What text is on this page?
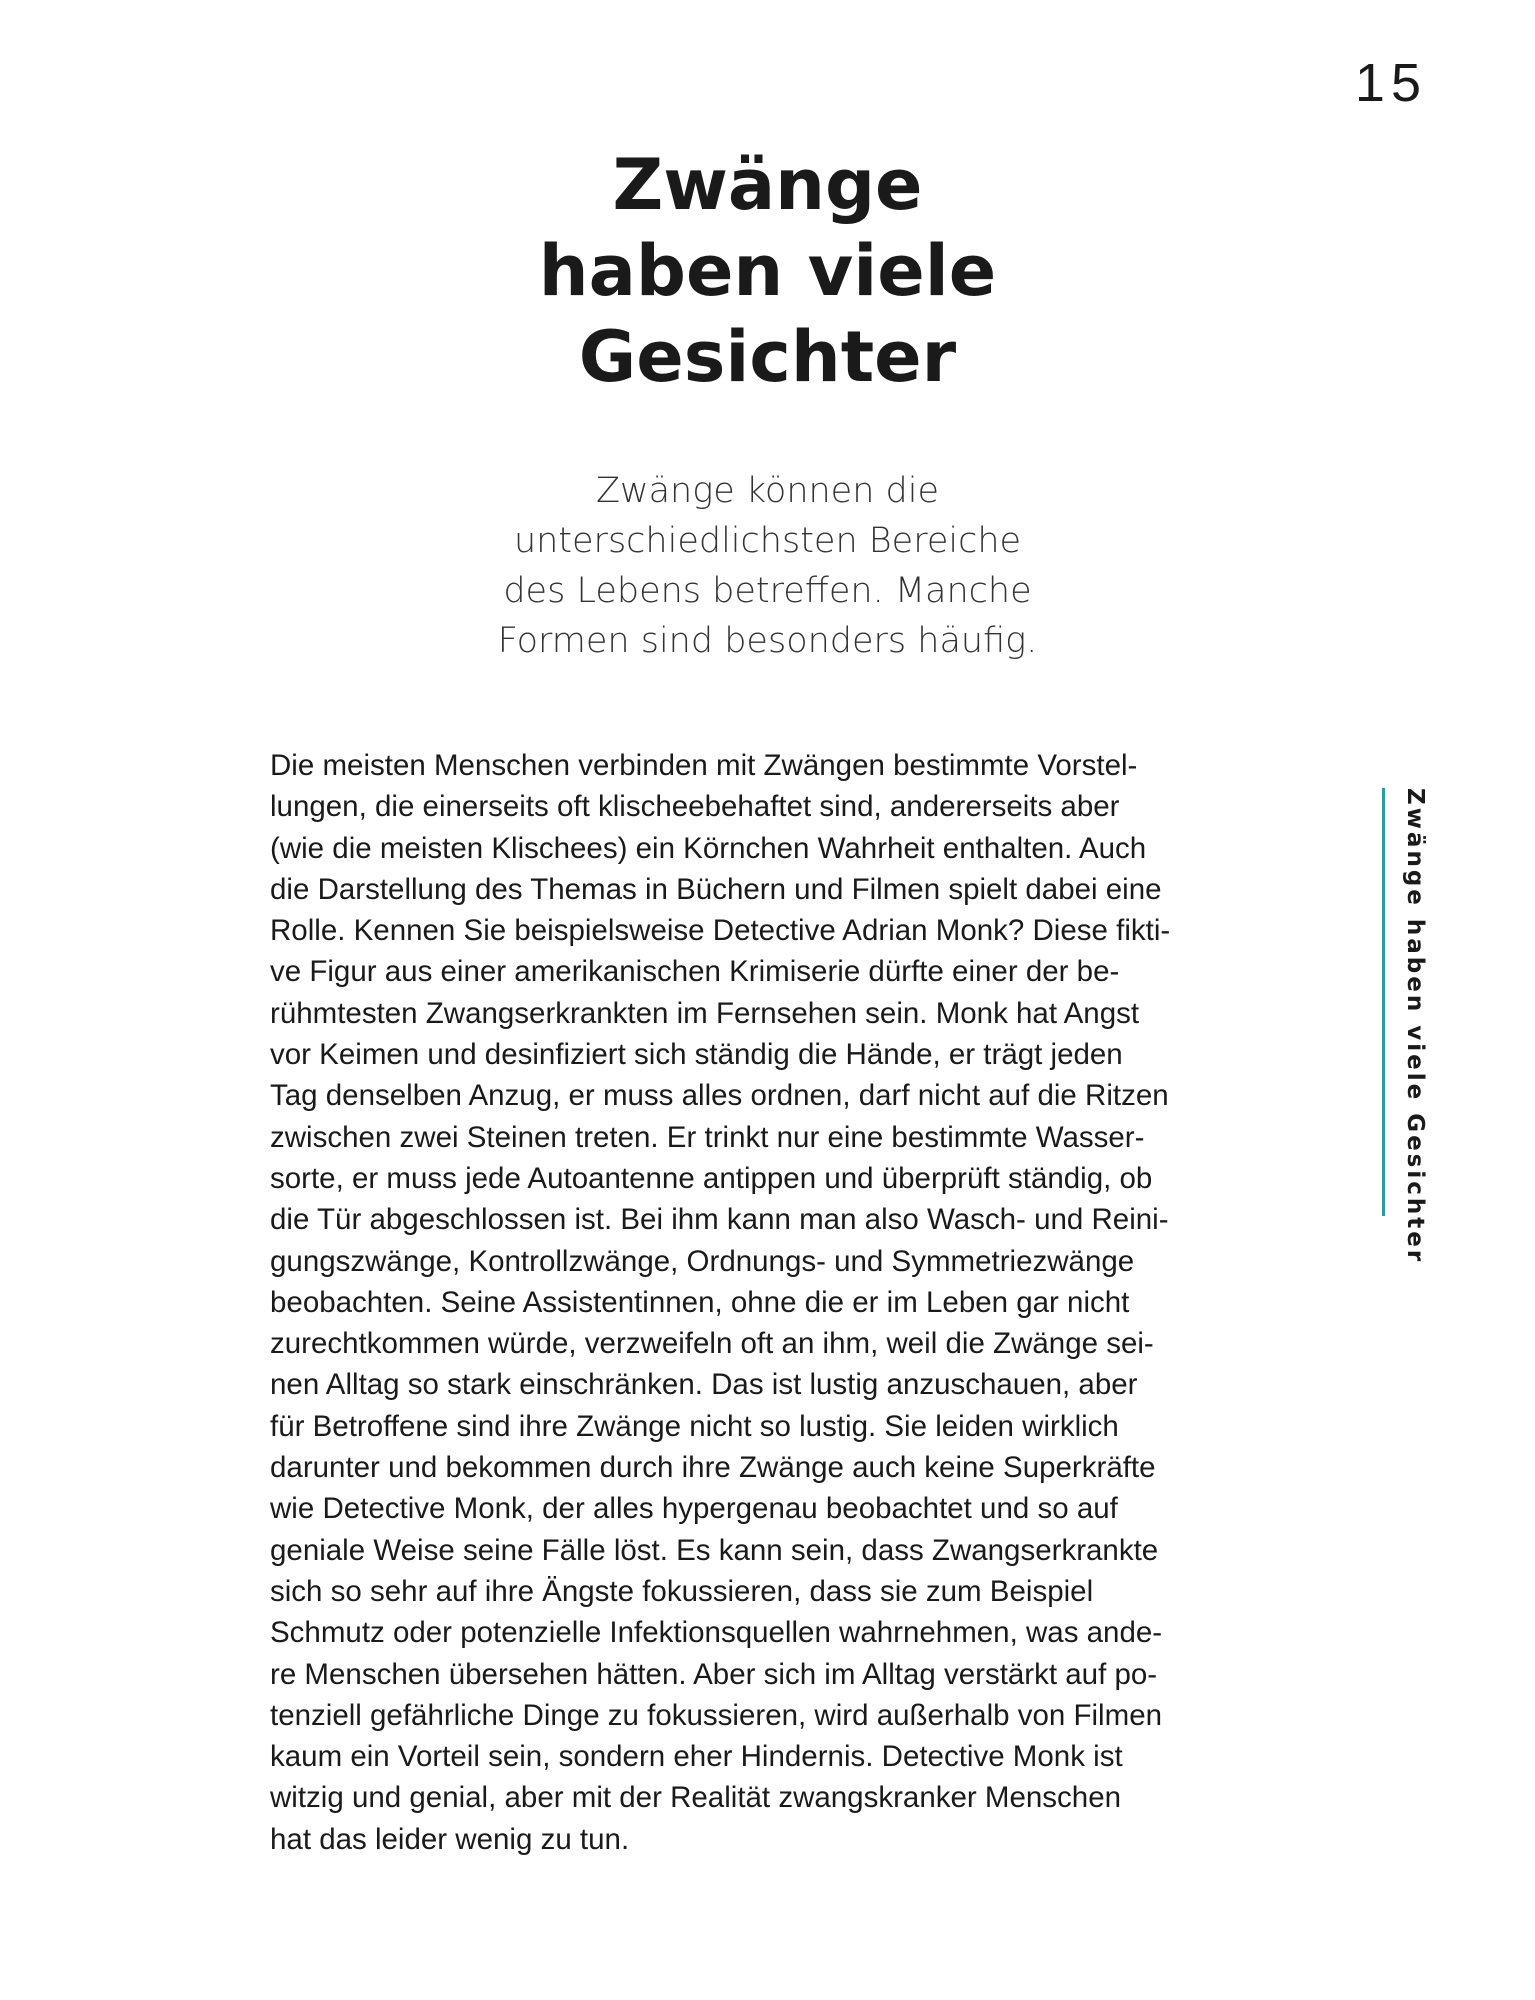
15
Zwänge
haben viele
Gesichter

Zwänge können die
unterschiedlichsten Bereiche
des Lebens betreffen. Manche
Formen sind besonders häufig.

Die meisten Menschen verbinden mit Zwängen bestimmte Vorstel-
lungen, die einerseits oft klischeebehaftet sind, andererseits aber
(wie die meisten Klischees) ein Körnchen Wahrheit enthalten. Auch
die Darstellung des Themas in Büchern und Filmen spielt dabei eine
Rolle. Kennen Sie beispielsweise Detective Adrian Monk? Diese fikti-
ve Figur aus einer amerikanischen Krimiserie dürfte einer der be-
rühmtesten Zwangserkrankten im Fernsehen sein. Monk hat Angst
vor Keimen und desinfiziert sich ständig die Hände, er trägt jeden
Tag denselben Anzug, er muss alles ordnen, darf nicht auf die Ritzen
zwischen zwei Steinen treten. Er trinkt nur eine bestimmte Wasser-
sorte, er muss jede Autoantenne antippen und überprüft ständig, ob
die Tür abgeschlossen ist. Bei ihm kann man also Wasch- und Reini-
gungszwänge, Kontrollzwänge, Ordnungs- und Symmetriezwänge
beobachten. Seine Assistentinnen, ohne die er im Leben gar nicht
zurechtkommen würde, verzweifeln oft an ihm, weil die Zwänge sei-
nen Alltag so stark einschränken. Das ist lustig anzuschauen, aber
für Betroffene sind ihre Zwänge nicht so lustig. Sie leiden wirklich
darunter und bekommen durch ihre Zwänge auch keine Superkräfte
wie Detective Monk, der alles hypergenau beobachtet und so auf
geniale Weise seine Fälle löst. Es kann sein, dass Zwangserkrankte
sich so sehr auf ihre Ängste fokussieren, dass sie zum Beispiel
Schmutz oder potenzielle Infektionsquellen wahrnehmen, was ande-
re Menschen übersehen hätten. Aber sich im Alltag verstärkt auf po-
tenziell gefährliche Dinge zu fokussieren, wird außerhalb von Filmen
kaum ein Vorteil sein, sondern eher Hindernis. Detective Monk ist
witzig und genial, aber mit der Realität zwangskranker Menschen
hat das leider wenig zu tun.

Zwänge haben viele Gesichter
